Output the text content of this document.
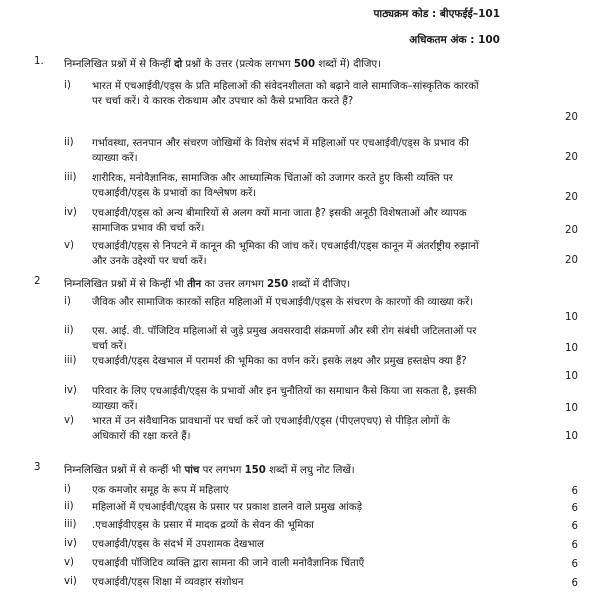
पाठ्यक्रम कोड : बीएफईई–101
अधिकतम अंक : 100
1. निम्नलिखित प्रश्नों में से किन्हीं दो प्रश्नों के उत्तर (प्रत्येक लगभग 500 शब्दों में) दीजिए।
i) भारत में एचआईवी/एड्स के प्रति महिलाओं की संवेदनशीलता को बढ़ाने वाले सामाजिक–सांस्कृतिक कारकों पर चर्चा करें। ये कारक रोकथाम और उपचार को कैसे प्रभावित करते हैं?
20
ii) गर्भावस्था, स्तनपान और संचरण जोखिमों के विशेष संदर्भ में महिलाओं पर एचआईवी/एड्स के प्रभाव की व्याख्या करें।	20
iii) शारीरिक, मनोवैज्ञानिक, सामाजिक और आध्यात्मिक चिंताओं को उजागर करते हुए किसी व्यक्ति पर एचआईवी/एड्स के प्रभावों का विश्लेषण करें।	20
iv) एचआईवी/एड्स को अन्य बीमारियों से अलग क्यों माना जाता है? इसकी अनूठी विशेषताओं और व्यापक सामाजिक प्रभाव की चर्चा करें।	20
v) एचआईवी/एड्स से निपटने में कानून की भूमिका की जांच करें। एचआईवी/एड्स कानून में अंतर्राष्ट्रीय रुझानों और उनके उद्देश्यों पर चर्चा करें।	20
2 निम्नलिखित प्रश्नों में से किन्हीं भी तीन का उत्तर लगभग 250 शब्दों में दीजिए।
i) जैविक और सामाजिक कारकों सहित महिलाओं में एचआईवी/एड्स के संचरण के कारणों की व्याख्या करें।
10
ii) एस. आई. वी. पॉजिटिव महिलाओं से जुड़े प्रमुख अवसरवादी संक्रमणों और स्त्री रोग संबंधी जटिलताओं पर चर्चा करें।	10
iii) एचआईवी/एड्स देखभाल में परामर्श की भूमिका का वर्णन करें। इसके लक्ष्य और प्रमुख हस्तक्षेप क्या हैं?
10
iv) परिवार के लिए एचआईवी/एड्स के प्रभावों और इन चुनौतियों का समाधान कैसे किया जा सकता है, इसकी व्याख्या करें।	10
v) भारत में उन संवैधानिक प्रावधानों पर चर्चा करें जो एचआईवी/एड्स (पीएलएचए) से पीड़ित लोगों के अधिकारों की रक्षा करते हैं।	10
3 निम्नलिखित प्रश्नों में से कन्हीं भी पांच पर लगभग 150 शब्दों में लघु नोट लिखें।
i) एक कमजोर समूह के रूप में महिलाएं	6
ii) महिलाओं में एचआईवी/एड्स के प्रसार पर प्रकाश डालने वाले प्रमुख आंकड़े	6
iii) .एचआईवीएड्स के प्रसार में मादक द्रव्यों के सेवन की भूमिका	6
iv) एचआईवी/एड्स के संदर्भ में उपशामक देखभाल	6
v) एचआईवी पॉजिटिव व्यक्ति द्वारा सामना की जाने वाली मनोवैज्ञानिक चिंताएँ	6
vi) एचआईवी/एड्स शिक्षा में व्यवहार संशोधन	6
